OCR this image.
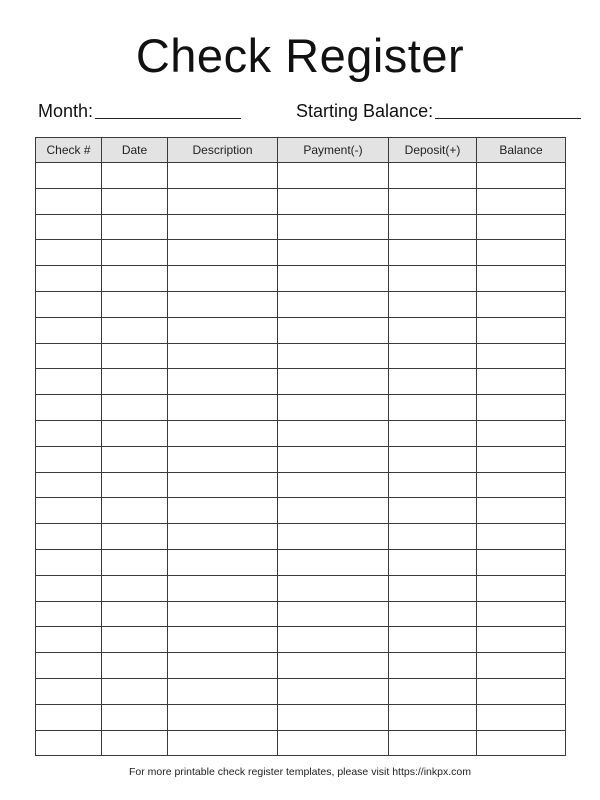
Check Register
Month:	Starting Balance:
Check #	Date	Description	Payment(-)	Deposit(+)	Balance

For more printable check register templates, please visit https://inkpx.com
